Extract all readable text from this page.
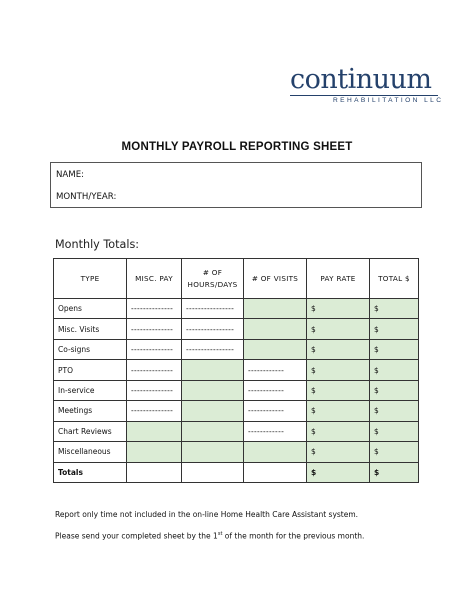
continuum
REHABILITATION LLC
MONTHLY PAYROLL REPORTING SHEET
NAME:
MONTH/YEAR:
Monthly Totals:
TYPE	MISC. PAY	# OF HOURS/DAYS	# OF VISITS	PAY RATE	TOTAL $
Opens	--------------	----------------		$	$
Misc. Visits	--------------	----------------		$	$
Co-signs	--------------	----------------		$	$
PTO	--------------		------------	$	$
In-service	--------------		------------	$	$
Meetings	--------------		------------	$	$
Chart Reviews			------------	$	$
Miscellaneous				$	$
Totals				$	$
Report only time not included in the on-line Home Health Care Assistant system.
Please send your completed sheet by the 1st of the month for the previous month.
